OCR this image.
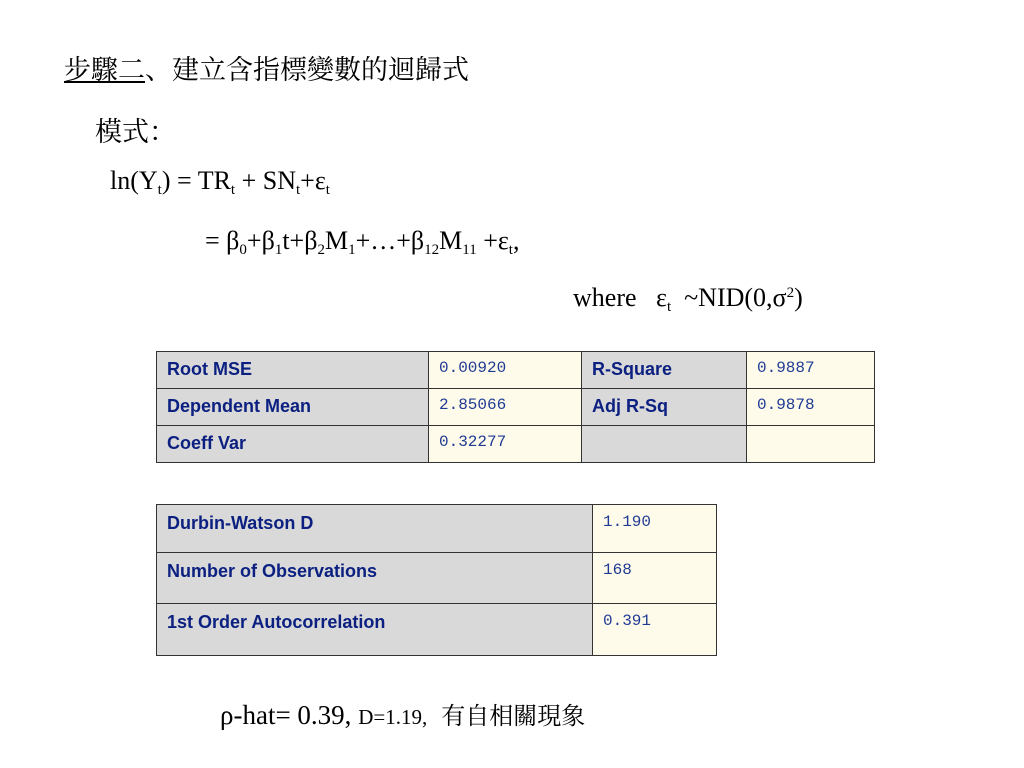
步驟二、建立含指標變數的迴歸式
模式：
$\ln(Y_t) = TR_t + SN_t+\varepsilon_t$
= $\beta_0+\beta_1t+\beta_2M_1+\dots+\beta_{12}M_{11} +\varepsilon_t$,
where   $\varepsilon_t$  $\sim NID(0,\sigma^2)$
Root MSE	0.00920	R-Square	0.9887
Dependent Mean	2.85066	Adj R-Sq	0.9878
Coeff Var	0.32277		
Durbin-Watson D	1.190
Number of Observations	168
1st Order Autocorrelation	0.391
ρ-hat= 0.39, D=1.19, 有自相關現象
